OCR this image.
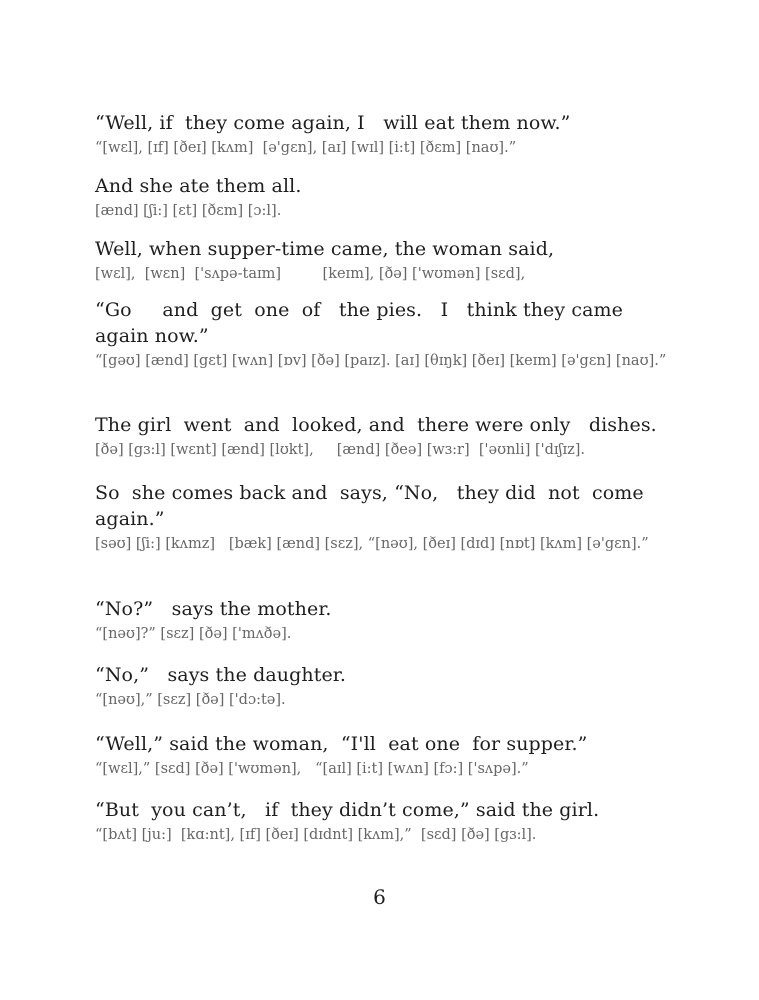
“Well, if  they come again, I   will eat them now.”
“[wɛl], [ɪf] [ðeɪ] [kʌm]  [ə'gɛn], [aɪ] [wɪl] [i:t] [ðɛm] [naʊ].”
And she ate them all.
[ænd] [ʃi:] [ɛt] [ðɛm] [ɔ:l].
Well, when supper-time came, the woman said,
[wɛl],  [wɛn]  ['sʌpə-taɪm]         [keɪm], [ðə] ['wʊmən] [sɛd],
“Go     and  get  one  of   the pies.   I   think they came again now.”
“[gəʊ] [ænd] [gɛt] [wʌn] [ɒv] [ðə] [paɪz]. [aɪ] [θɪŋk] [ðeɪ] [keɪm] [ə'gɛn] [naʊ].”
The girl  went  and  looked, and  there were only   dishes.
[ðə] [gɜ:l] [wɛnt] [ænd] [lʊkt],     [ænd] [ðeə] [wɜ:r]  ['əʊnli] ['dɪʃɪz].
So  she comes back and  says, “No,   they did  not  come again.”
[səʊ] [ʃi:] [kʌmz]   [bæk] [ænd] [sɛz], “[nəʊ], [ðeɪ] [dɪd] [nɒt] [kʌm] [ə'gɛn].”
“No?”   says the mother.
“[nəʊ]?” [sɛz] [ðə] ['mʌðə].
“No,”   says the daughter.
“[nəʊ],” [sɛz] [ðə] ['dɔ:tə].
“Well,” said the woman,  “I'll  eat one  for supper.”
“[wɛl],” [sɛd] [ðə] ['wʊmən],   “[aɪl] [i:t] [wʌn] [fɔ:] ['sʌpə].”
“But  you can’t,   if  they didn’t come,” said the girl.
“[bʌt] [ju:]  [kɑ:nt], [ɪf] [ðeɪ] [dɪdnt] [kʌm],”  [sɛd] [ðə] [gɜ:l].
6
